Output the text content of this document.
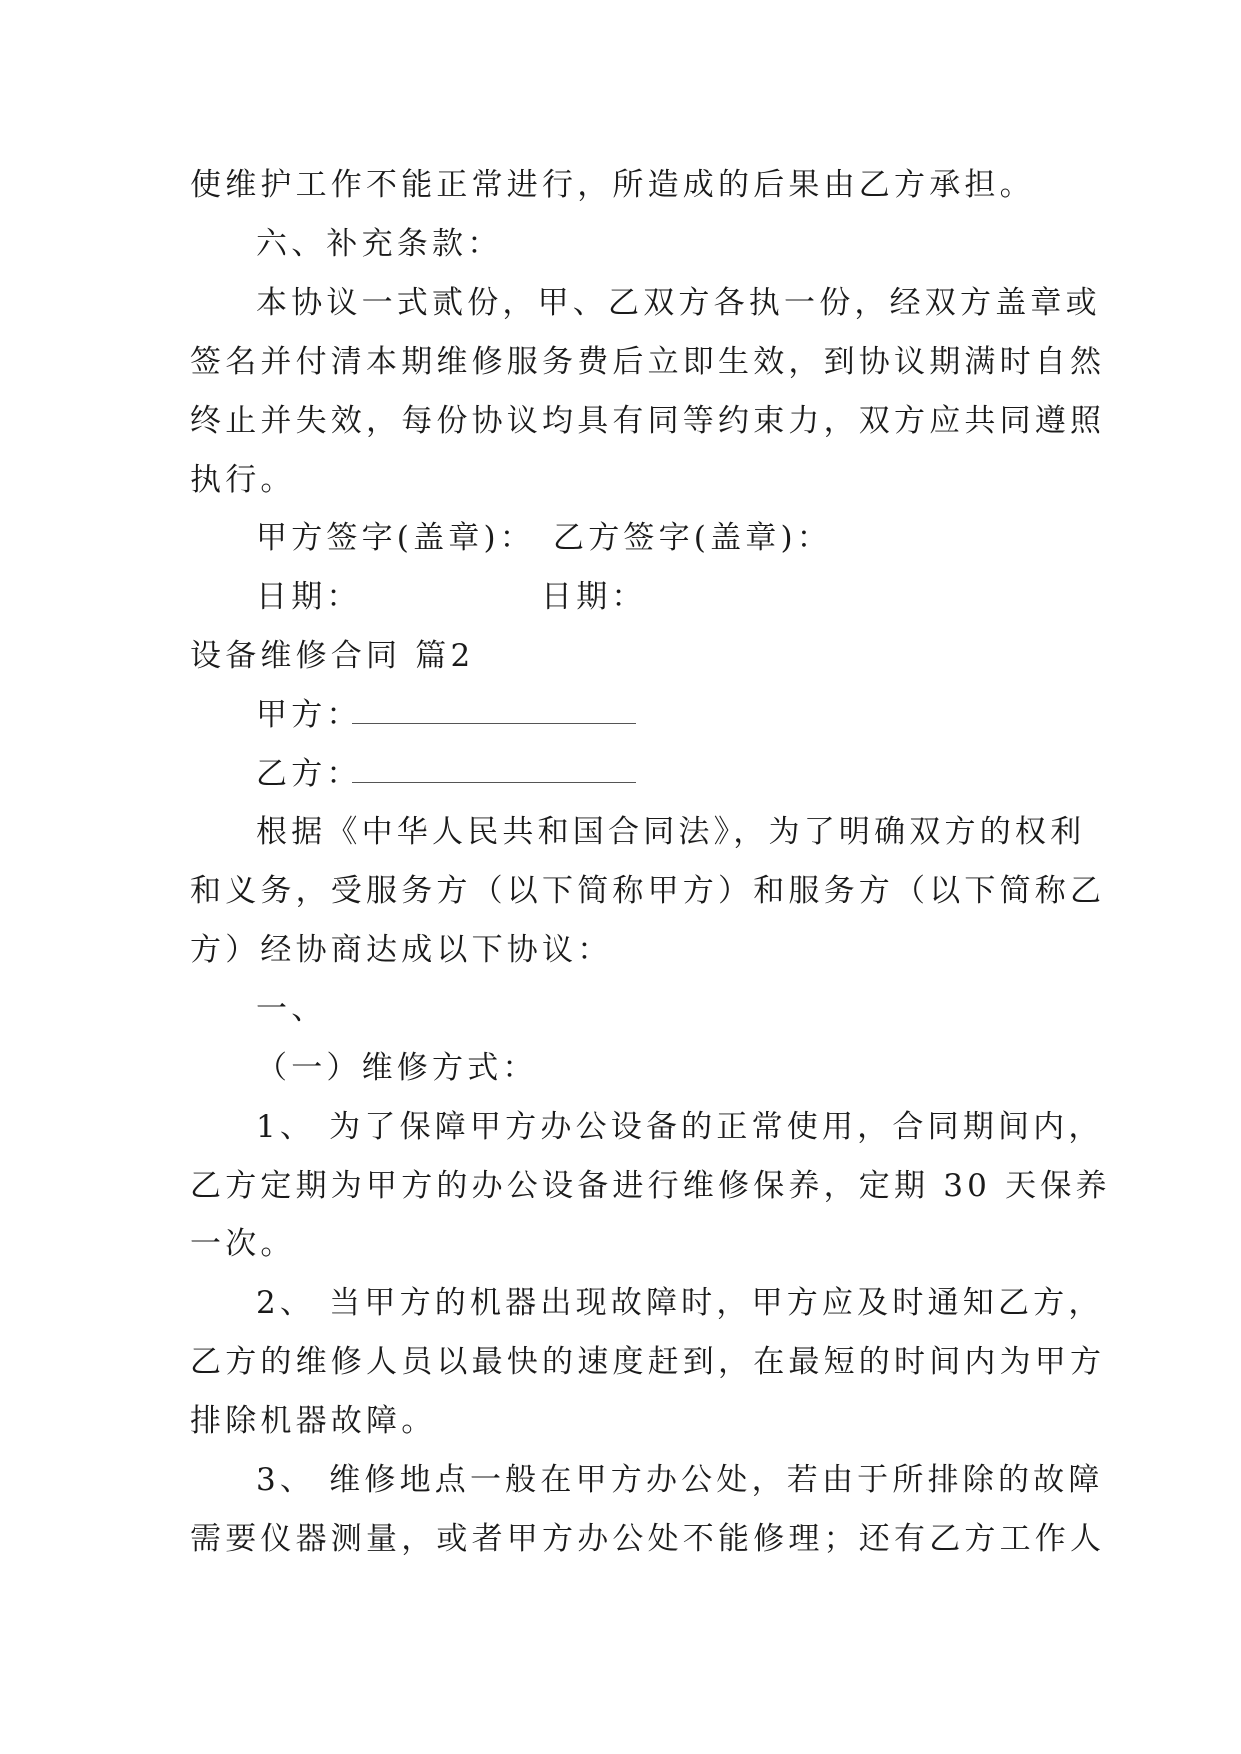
使维护工作不能正常进行，所造成的后果由乙方承担。
六、补充条款：
本协议一式贰份，甲、乙双方各执一份，经双方盖章或
签名并付清本期维修服务费后立即生效，到协议期满时自然
终止并失效，每份协议均具有同等约束力，双方应共同遵照
执行。
甲方签字(盖章)： 乙方签字(盖章)：
日期：	日期：
设备维修合同 篇2
甲方：
乙方：
根据《中华人民共和国合同法》，为了明确双方的权利
和义务，受服务方（以下简称甲方）和服务方（以下简称乙
方）经协商达成以下协议：
一、
（一）维修方式：
1、 为了保障甲方办公设备的正常使用，合同期间内，
乙方定期为甲方的办公设备进行维修保养，定期 30 天保养
一次。
2、 当甲方的机器出现故障时，甲方应及时通知乙方，
乙方的维修人员以最快的速度赶到，在最短的时间内为甲方
排除机器故障。
3、 维修地点一般在甲方办公处，若由于所排除的故障
需要仪器测量，或者甲方办公处不能修理；还有乙方工作人
